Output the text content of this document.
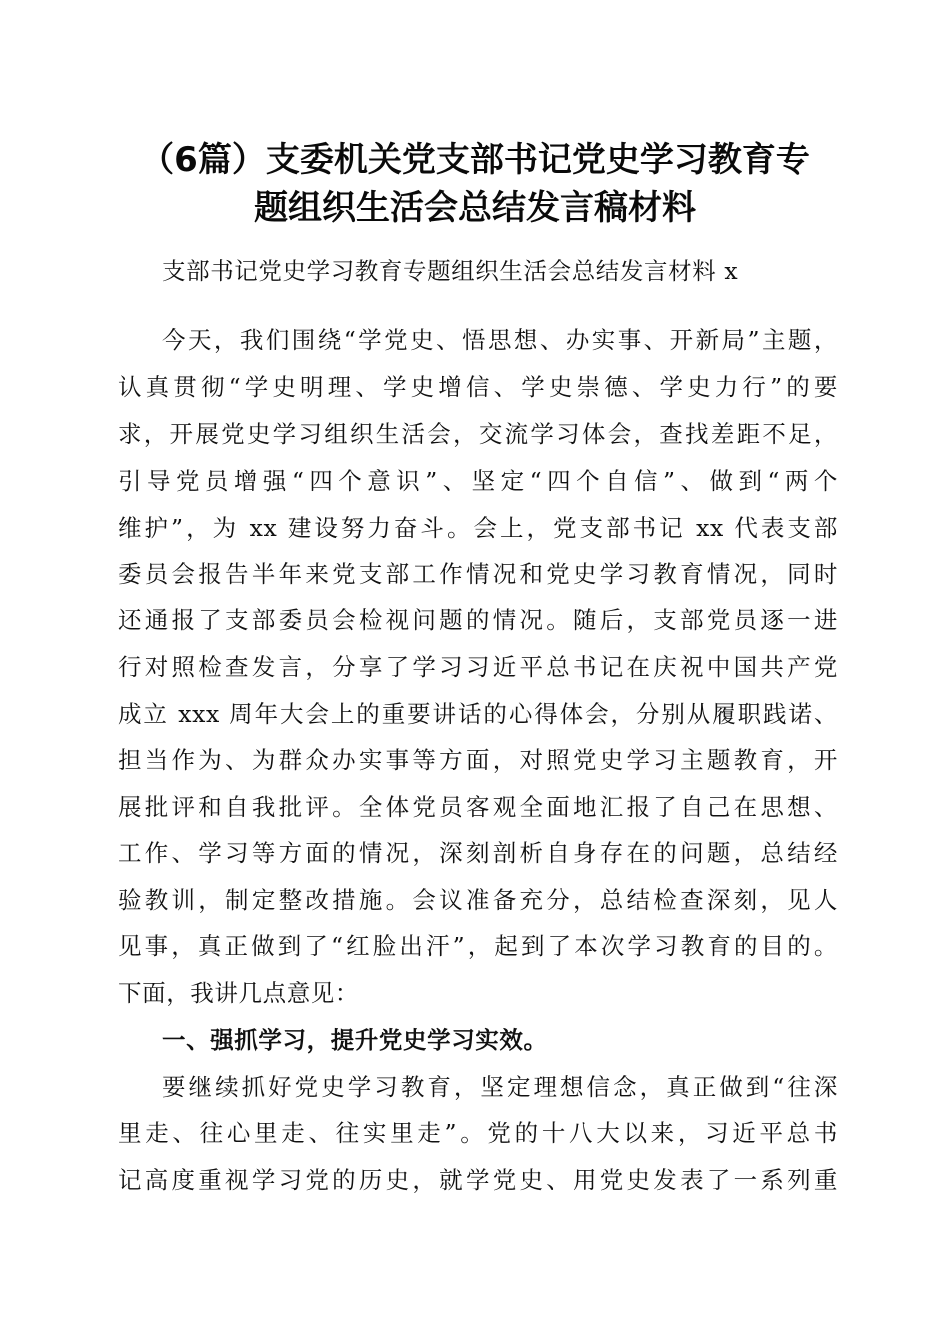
（6篇）支委机关党支部书记党史学习教育专
题组织生活会总结发言稿材料
支部书记党史学习教育专题组织生活会总结发言材料 x
今天，我们围绕“学党史、悟思想、办实事、开新局”主题，
认真贯彻“学史明理、学史增信、学史崇德、学史力行”的要
求，开展党史学习组织生活会，交流学习体会，查找差距不足，
引导党员增强“四个意识”、坚定“四个自信”、做到“两个
维护”，为 xx 建设努力奋斗。会上，党支部书记 xx 代表支部
委员会报告半年来党支部工作情况和党史学习教育情况，同时
还通报了支部委员会检视问题的情况。随后，支部党员逐一进
行对照检查发言，分享了学习习近平总书记在庆祝中国共产党
成立 xxx 周年大会上的重要讲话的心得体会，分别从履职践诺、
担当作为、为群众办实事等方面，对照党史学习主题教育，开
展批评和自我批评。全体党员客观全面地汇报了自己在思想、
工作、学习等方面的情况，深刻剖析自身存在的问题，总结经
验教训，制定整改措施。会议准备充分，总结检查深刻，见人
见事，真正做到了“红脸出汗”，起到了本次学习教育的目的。
下面，我讲几点意见：
一、强抓学习，提升党史学习实效。
要继续抓好党史学习教育，坚定理想信念，真正做到“往深
里走、往心里走、往实里走”。党的十八大以来，习近平总书
记高度重视学习党的历史，就学党史、用党史发表了一系列重
